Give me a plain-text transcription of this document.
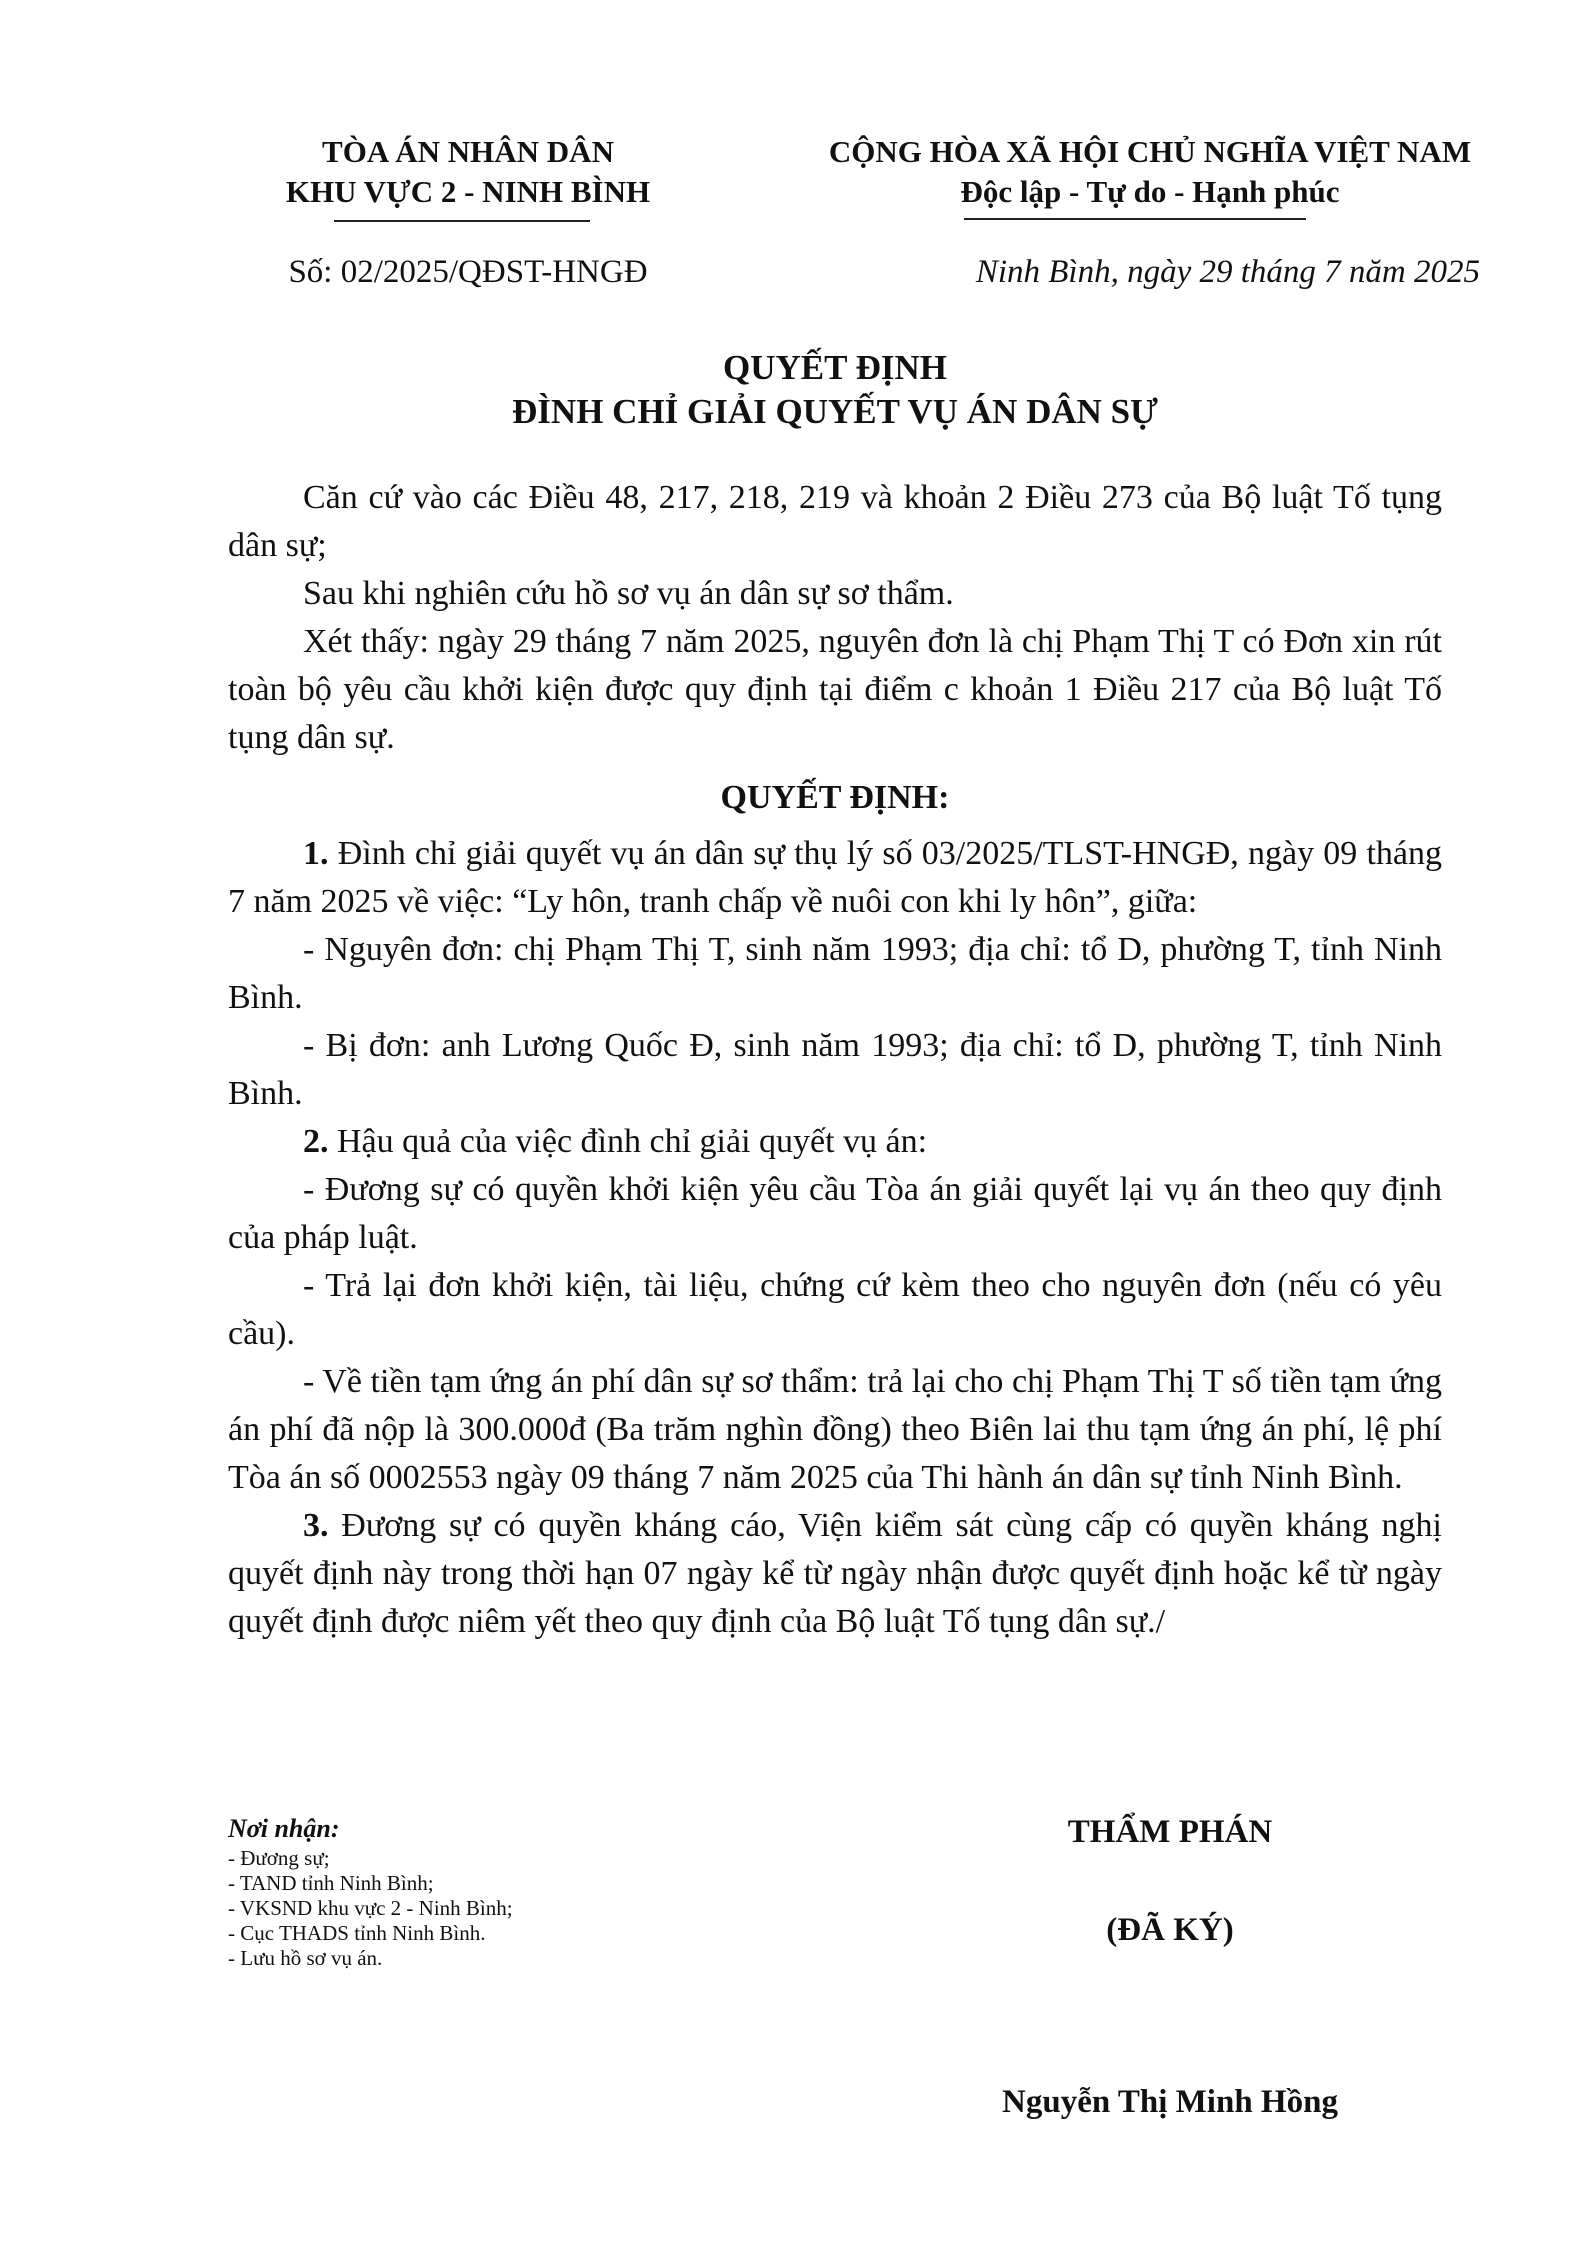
TÒA ÁN NHÂN DÂN
KHU VỰC 2 - NINH BÌNH
CỘNG HÒA XÃ HỘI CHỦ NGHĨA VIỆT NAM
Độc lập - Tự do - Hạnh phúc
Số: 02/2025/QĐST-HNGĐ	Ninh Bình, ngày 29 tháng 7 năm 2025
QUYẾT ĐỊNH
ĐÌNH CHỈ GIẢI QUYẾT VỤ ÁN DÂN SỰ

Căn cứ vào các Điều 48, 217, 218, 219 và khoản 2 Điều 273 của Bộ luật Tố tụng dân sự;

Sau khi nghiên cứu hồ sơ vụ án dân sự sơ thẩm.

Xét thấy: ngày 29 tháng 7 năm 2025, nguyên đơn là chị Phạm Thị T có Đơn xin rút toàn bộ yêu cầu khởi kiện được quy định tại điểm c khoản 1 Điều 217 của Bộ luật Tố tụng dân sự.

QUYẾT ĐỊNH:

1. Đình chỉ giải quyết vụ án dân sự thụ lý số 03/2025/TLST-HNGĐ, ngày 09 tháng 7 năm 2025 về việc: “Ly hôn, tranh chấp về nuôi con khi ly hôn”, giữa:

- Nguyên đơn: chị Phạm Thị T, sinh năm 1993; địa chỉ: tổ D, phường T, tỉnh Ninh Bình.

- Bị đơn: anh Lương Quốc Đ, sinh năm 1993; địa chỉ: tổ D, phường T, tỉnh Ninh Bình.

2. Hậu quả của việc đình chỉ giải quyết vụ án:

- Đương sự có quyền khởi kiện yêu cầu Tòa án giải quyết lại vụ án theo quy định của pháp luật.

- Trả lại đơn khởi kiện, tài liệu, chứng cứ kèm theo cho nguyên đơn (nếu có yêu cầu).

- Về tiền tạm ứng án phí dân sự sơ thẩm: trả lại cho chị Phạm Thị T số tiền tạm ứng án phí đã nộp là 300.000đ (Ba trăm nghìn đồng) theo Biên lai thu tạm ứng án phí, lệ phí Tòa án số 0002553 ngày 09 tháng 7 năm 2025 của Thi hành án dân sự tỉnh Ninh Bình.

3. Đương sự có quyền kháng cáo, Viện kiểm sát cùng cấp có quyền kháng nghị quyết định này trong thời hạn 07 ngày kể từ ngày nhận được quyết định hoặc kể từ ngày quyết định được niêm yết theo quy định của Bộ luật Tố tụng dân sự./

Nơi nhận:
- Đương sự;
- TAND tỉnh Ninh Bình;
- VKSND khu vực 2 - Ninh Bình;
- Cục THADS tỉnh Ninh Bình.
- Lưu hồ sơ vụ án.
THẨM PHÁN
(ĐÃ KÝ)
Nguyễn Thị Minh Hồng
